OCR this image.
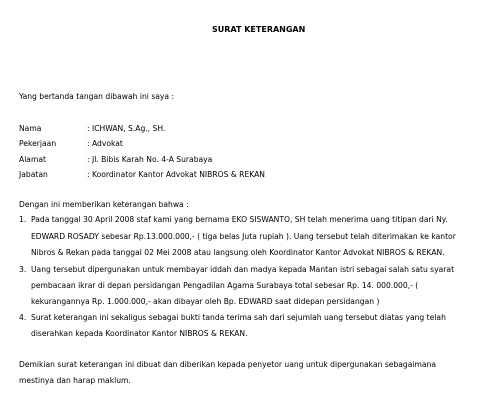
SURAT KETERANGAN
Yang bertanda tangan dibawah ini saya :
Nama	: ICHWAN, S.Ag., SH.
Pekerjaan	: Advokat
Alamat	: Jl. Bibis Karah No. 4-A Surabaya
Jabatan	: Koordinator Kantor Advokat NIBROS & REKAN
Dengan ini memberikan keterangan bahwa :
1. Pada tanggal 30 April 2008 staf kami yang bernama EKO SISWANTO, SH telah menerima uang titipan dari Ny.
EDWARD ROSADY sebesar Rp.13.000.000,- ( tiga belas Juta rupiah ). Uang tersebut telah diterimakan ke kantor
Nibros & Rekan pada tanggal 02 Mei 2008 atau langsung oleh Koordinator Kantor Advokat NIBROS & REKAN.
3. Uang tersebut dipergunakan untuk membayar iddah dan madya kepada Mantan istri sebagai salah satu syarat
pembacaan ikrar di depan persidangan Pengadilan Agama Surabaya total sebesar Rp. 14. 000.000,- (
kekurangannya Rp. 1.000.000,- akan dibayar oleh Bp. EDWARD saat didepan persidangan )
4. Surat keterangan ini sekaligus sebagai bukti tanda terima sah dari sejumlah uang tersebut diatas yang telah
diserahkan kepada Koordinator Kantor NIBROS & REKAN.
Demikian surat keterangan ini dibuat dan diberikan kepada penyetor uang untuk dipergunakan sebagaimana
mestinya dan harap maklum.
